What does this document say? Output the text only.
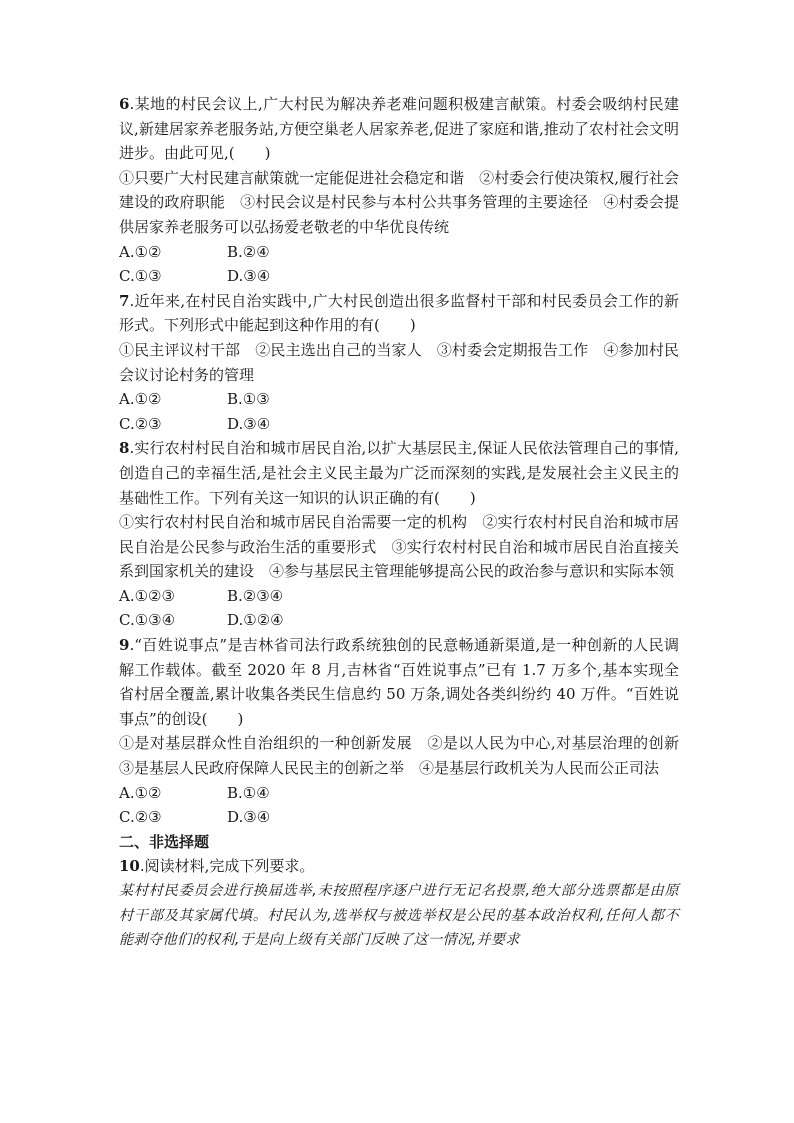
6.某地的村民会议上,广大村民为解决养老难问题积极建言献策。村委会吸纳村民建议,新建居家养老服务站,方便空巢老人居家养老,促进了家庭和谐,推动了农村社会文明进步。由此可见,(　　)
①只要广大村民建言献策就一定能促进社会稳定和谐　②村委会行使决策权,履行社会建设的政府职能　③村民会议是村民参与本村公共事务管理的主要途径　④村委会提供居家养老服务可以弘扬爱老敬老的中华优良传统
A.①②	B.②④
C.①③	D.③④
7.近年来,在村民自治实践中,广大村民创造出很多监督村干部和村民委员会工作的新形式。下列形式中能起到这种作用的有(　　)
①民主评议村干部　②民主选出自己的当家人　③村委会定期报告工作　④参加村民会议讨论村务的管理
A.①②	B.①③
C.②③	D.③④
8.实行农村村民自治和城市居民自治,以扩大基层民主,保证人民依法管理自己的事情,创造自己的幸福生活,是社会主义民主最为广泛而深刻的实践,是发展社会主义民主的基础性工作。下列有关这一知识的认识正确的有(　　)
①实行农村村民自治和城市居民自治需要一定的机构　②实行农村村民自治和城市居民自治是公民参与政治生活的重要形式　③实行农村村民自治和城市居民自治直接关系到国家机关的建设　④参与基层民主管理能够提高公民的政治参与意识和实际本领
A.①②③	B.②③④
C.①③④	D.①②④
9.“百姓说事点”是吉林省司法行政系统独创的民意畅通新渠道,是一种创新的人民调解工作载体。截至 2020 年 8 月,吉林省“百姓说事点”已有 1.7 万多个,基本实现全省村居全覆盖,累计收集各类民生信息约 50 万条,调处各类纠纷约 40 万件。“百姓说事点”的创设(　　)
①是对基层群众性自治组织的一种创新发展　②是以人民为中心,对基层治理的创新　③是基层人民政府保障人民民主的创新之举　④是基层行政机关为人民而公正司法
A.①②	B.①④
C.②③	D.③④
二、非选择题
10.阅读材料,完成下列要求。
某村村民委员会进行换届选举,未按照程序逐户进行无记名投票,绝大部分选票都是由原村干部及其家属代填。村民认为,选举权与被选举权是公民的基本政治权利,任何人都不能剥夺他们的权利,于是向上级有关部门反映了这一情况,并要求
